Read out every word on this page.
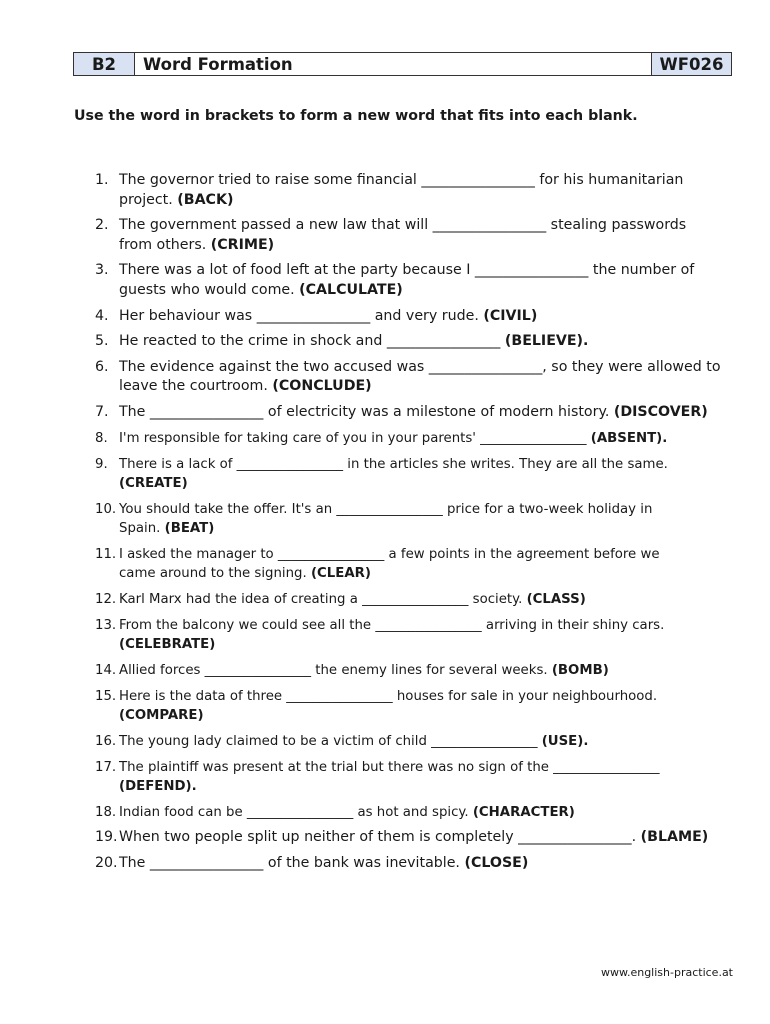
B2	Word Formation	WF026
Use the word in brackets to form a new word that fits into each blank.
1. The governor tried to raise some financial ________________ for his humanitarian
project. (BACK)
2. The government passed a new law that will ________________ stealing passwords
from others. (CRIME)
3. There was a lot of food left at the party because I ________________ the number of
guests who would come. (CALCULATE)
4. Her behaviour was ________________ and very rude. (CIVIL)
5. He reacted to the crime in shock and ________________ (BELIEVE).
6. The evidence against the two accused was ________________, so they were allowed to
leave the courtroom. (CONCLUDE)
7. The ________________ of electricity was a milestone of modern history. (DISCOVER)
8. I'm responsible for taking care of you in your parents' ________________ (ABSENT).
9. There is a lack of ________________ in the articles she writes. They are all the same.
(CREATE)
10. You should take the offer. It's an ________________ price for a two-week holiday in
Spain. (BEAT)
11. I asked the manager to ________________ a few points in the agreement before we
came around to the signing. (CLEAR)
12. Karl Marx had the idea of creating a ________________ society. (CLASS)
13. From the balcony we could see all the ________________ arriving in their shiny cars.
(CELEBRATE)
14. Allied forces ________________ the enemy lines for several weeks. (BOMB)
15. Here is the data of three ________________ houses for sale in your neighbourhood.
(COMPARE)
16. The young lady claimed to be a victim of child ________________ (USE).
17. The plaintiff was present at the trial but there was no sign of the ________________
(DEFEND).
18. Indian food can be ________________ as hot and spicy. (CHARACTER)
19. When two people split up neither of them is completely ________________. (BLAME)
20. The ________________ of the bank was inevitable. (CLOSE)
www.english-practice.at
